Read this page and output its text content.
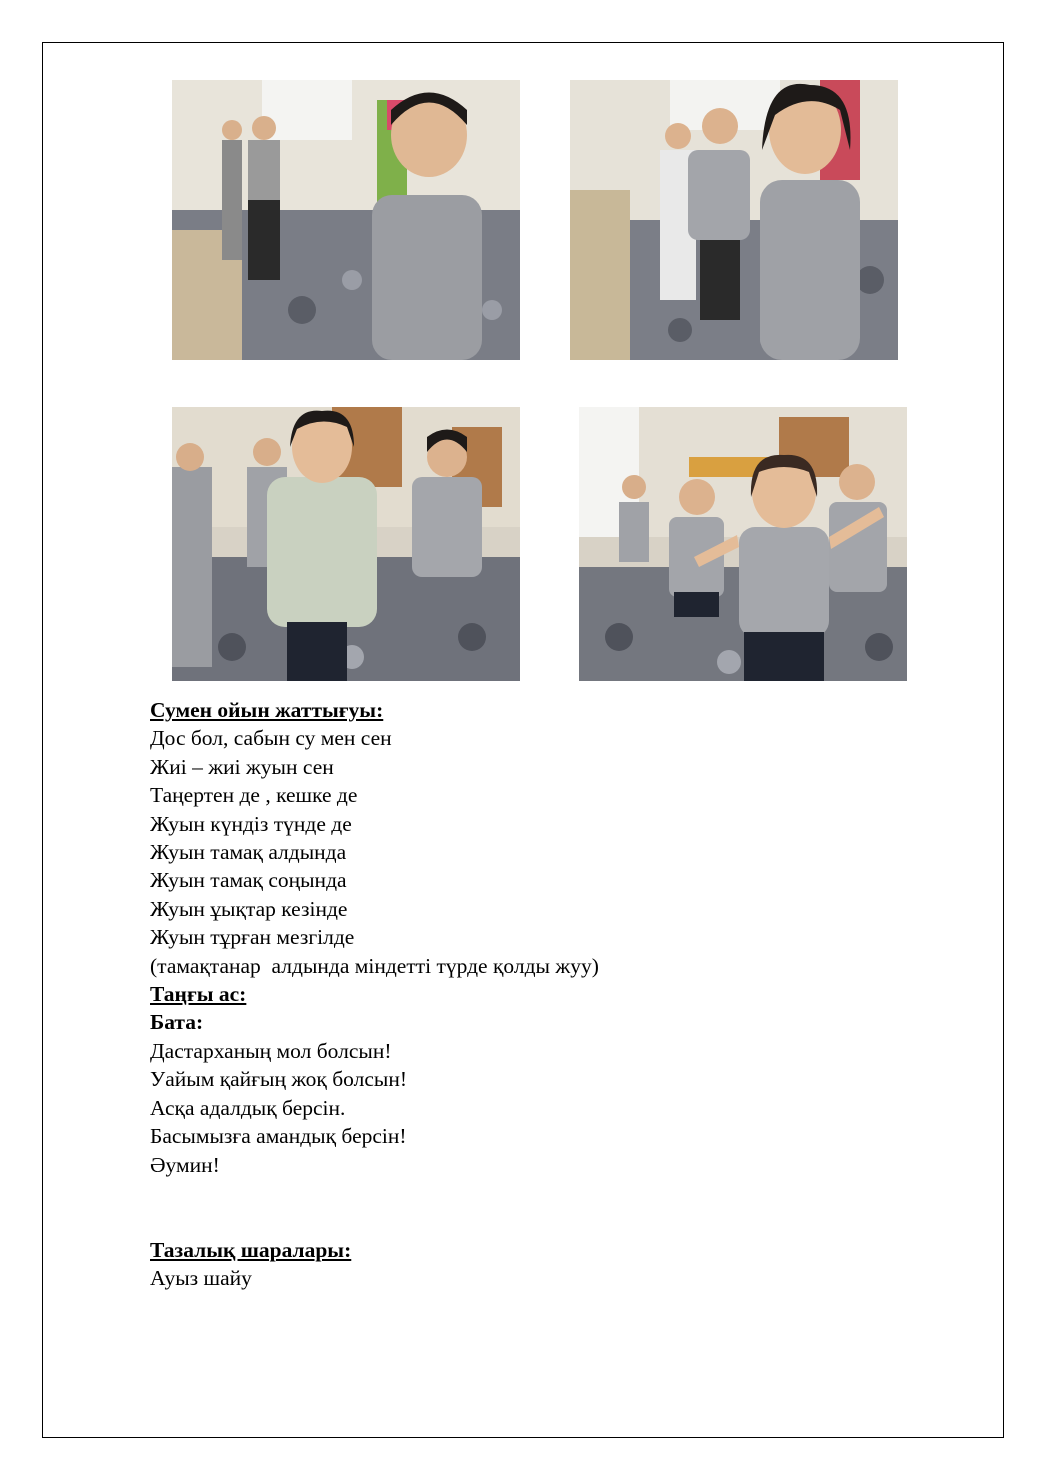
Сумен ойын жаттығуы:
Дос бол, сабын су мен сен
Жиі – жиі жуын сен
Таңертен де , кешке де
Жуын күндіз түнде де
Жуын тамақ алдында
Жуын тамақ соңында
Жуын ұықтар кезінде
Жуын тұрған мезгілде
(тамақтанар  алдында міндетті түрде қолды жуу)
Таңғы ас:
Бата:
Дастарханың мол болсын!
Уайым қайғың жоқ болсын!
Асқа адалдық берсін.
Басымызға амандық берсін!
Әумин!
Тазалық шаралары:
Ауыз шайу
